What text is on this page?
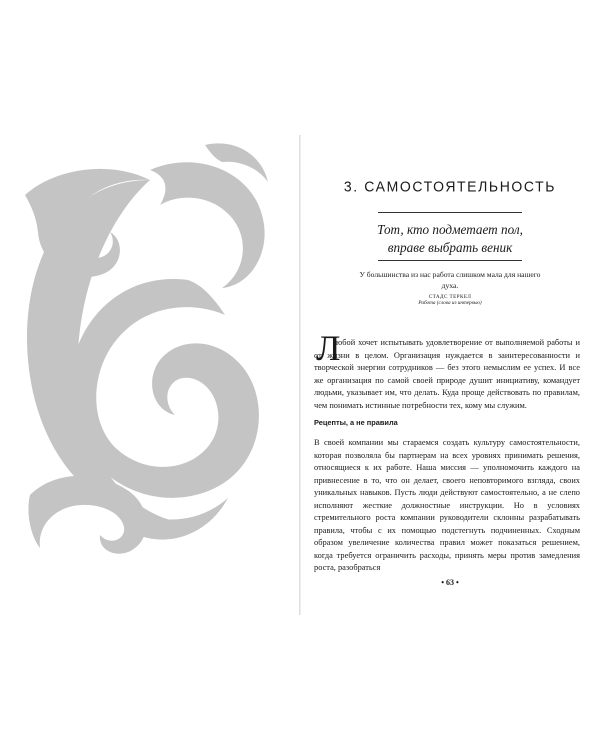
3. САМОСТОЯТЕЛЬНОСТЬ
Тот, кто подметает пол,
вправе выбрать веник
У большинства из нас работа слишком мала для нашего духа.
СТАДС ТЕРКЕЛ
Работа (слова из интервью)
Л
юбой хочет испытывать удовлетворение от выполняемой работы и от жизни в целом. Организация нуждается в заинтересованности и творческой энергии сотрудников — без этого немыслим ее успех. И все же организация по самой своей природе душит инициативу, командует людьми, указывает им, что делать. Куда проще действовать по правилам, чем понимать истинные потребности тех, кому мы служим.
Рецепты, а не правила
В своей компании мы стараемся создать культуру самостоятельности, которая позволяла бы партнерам на всех уровнях принимать решения, относящиеся к их работе. Наша миссия — уполномочить каждого на привнесение в то, что он делает, своего неповторимого взгляда, своих уникальных навыков. Пусть люди действуют самостоятельно, а не слепо исполняют жесткие должностные инструкции. Но в условиях стремительного роста компании руководители склонны разрабатывать правила, чтобы с их помощью подстегнуть подчиненных. Сходным образом увеличение количества правил может показаться решением, когда требуется ограничить расходы, принять меры против замедления роста, разобраться
• 63 •
